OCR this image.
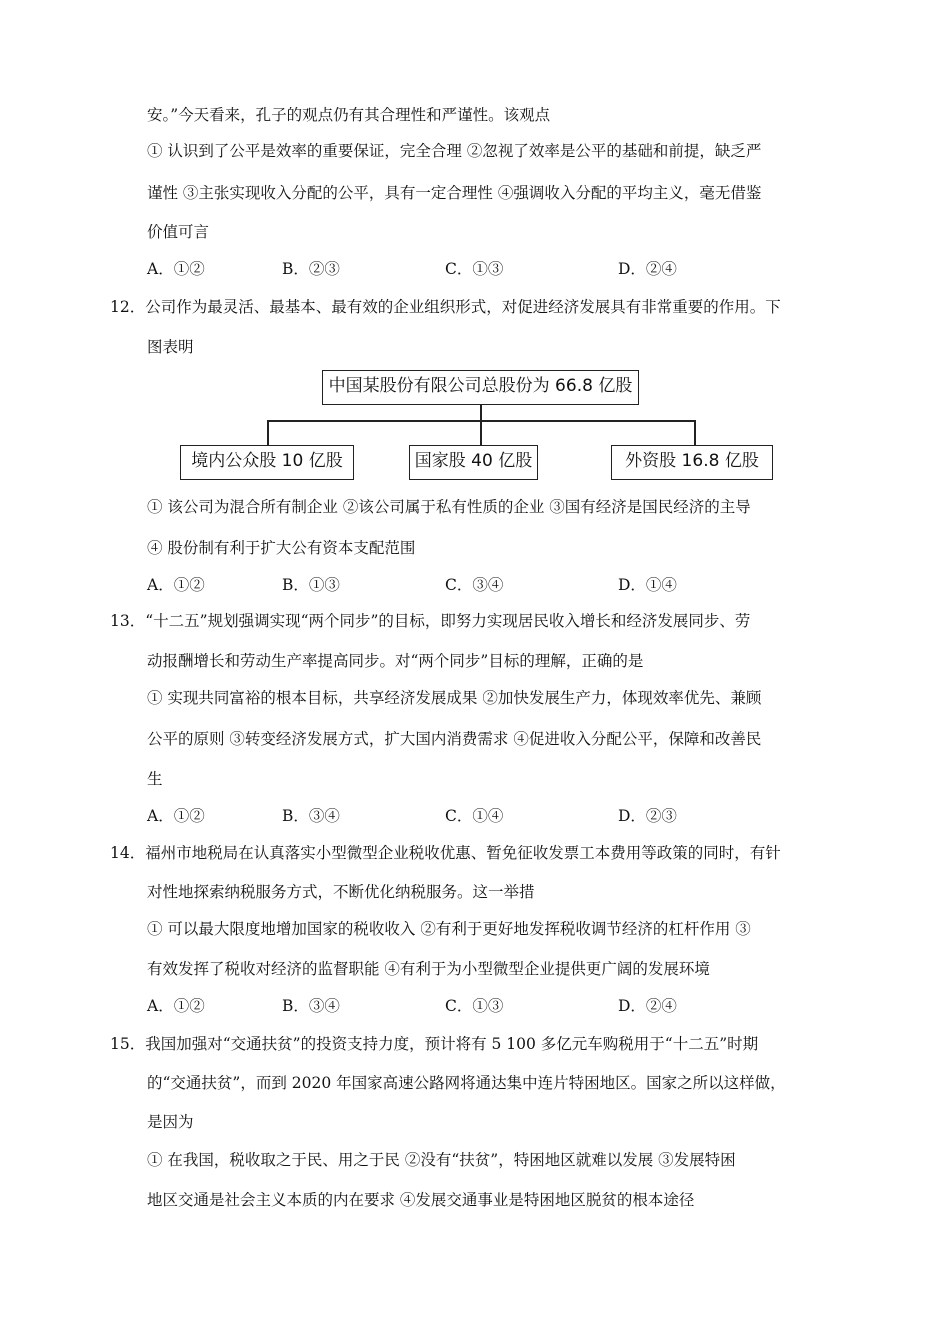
安。”今天看来，孔子的观点仍有其合理性和严谨性。该观点
① 认识到了公平是效率的重要保证，完全合理 ②忽视了效率是公平的基础和前提，缺乏严
谨性 ③主张实现收入分配的公平，具有一定合理性 ④强调收入分配的平均主义，毫无借鉴
价值可言
A．①②	B．②③	C．①③	D．②④
12．公司作为最灵活、最基本、最有效的企业组织形式，对促进经济发展具有非常重要的作用。下
图表明
中国某股份有限公司总股份为 66.8 亿股
境内公众股 10 亿股	国家股 40 亿股	外资股 16.8 亿股
① 该公司为混合所有制企业 ②该公司属于私有性质的企业 ③国有经济是国民经济的主导
④ 股份制有利于扩大公有资本支配范围
A．①②	B．①③	C．③④	D．①④
13．“十二五”规划强调实现“两个同步”的目标，即努力实现居民收入增长和经济发展同步、劳
动报酬增长和劳动生产率提高同步。对“两个同步”目标的理解，正确的是
① 实现共同富裕的根本目标，共享经济发展成果 ②加快发展生产力，体现效率优先、兼顾
公平的原则 ③转变经济发展方式，扩大国内消费需求 ④促进收入分配公平，保障和改善民
生
A．①②	B．③④	C．①④	D．②③
14．福州市地税局在认真落实小型微型企业税收优惠、暂免征收发票工本费用等政策的同时，有针
对性地探索纳税服务方式，不断优化纳税服务。这一举措
① 可以最大限度地增加国家的税收收入 ②有利于更好地发挥税收调节经济的杠杆作用 ③
有效发挥了税收对经济的监督职能 ④有利于为小型微型企业提供更广阔的发展环境
A．①②	B．③④	C．①③	D．②④
15．我国加强对“交通扶贫”的投资支持力度，预计将有 5 100 多亿元车购税用于“十二五”时期
的“交通扶贫”，而到 2020 年国家高速公路网将通达集中连片特困地区。国家之所以这样做，
是因为
① 在我国，税收取之于民、用之于民 ②没有“扶贫”，特困地区就难以发展 ③发展特困
地区交通是社会主义本质的内在要求 ④发展交通事业是特困地区脱贫的根本途径
